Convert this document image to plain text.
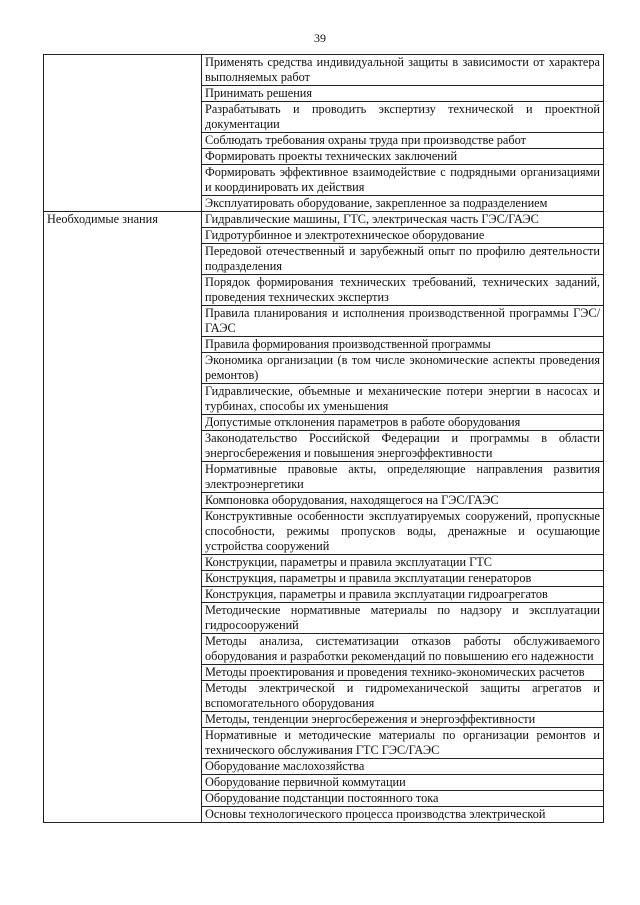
39
	Применять средства индивидуальной защиты в зависимости от характера выполняемых работ
	Принимать решения
	Разрабатывать и проводить экспертизу технической и проектной документации
	Соблюдать требования охраны труда при производстве работ
	Формировать проекты технических заключений
	Формировать эффективное взаимодействие с подрядными организациями и координировать их действия
	Эксплуатировать оборудование, закрепленное за подразделением
Необходимые знания	Гидравлические машины, ГТС, электрическая часть ГЭС/ГАЭС
	Гидротурбинное и электротехническое оборудование
	Передовой отечественный и зарубежный опыт по профилю деятельности подразделения
	Порядок формирования технических требований, технических заданий, проведения технических экспертиз
	Правила планирования и исполнения производственной программы ГЭС/ГАЭС
	Правила формирования производственной программы
	Экономика организации (в том числе экономические аспекты проведения ремонтов)
	Гидравлические, объемные и механические потери энергии в насосах и турбинах, способы их уменьшения
	Допустимые отклонения параметров в работе оборудования
	Законодательство Российской Федерации и программы в области энергосбережения и повышения энергоэффективности
	Нормативные правовые акты, определяющие направления развития электроэнергетики
	Компоновка оборудования, находящегося на ГЭС/ГАЭС
	Конструктивные особенности эксплуатируемых сооружений, пропускные способности, режимы пропусков воды, дренажные и осушающие устройства сооружений
	Конструкции, параметры и правила эксплуатации ГТС
	Конструкция, параметры и правила эксплуатации генераторов
	Конструкция, параметры и правила эксплуатации гидроагрегатов
	Методические нормативные материалы по надзору и эксплуатации гидросооружений
	Методы анализа, систематизации отказов работы обслуживаемого оборудования и разработки рекомендаций по повышению его надежности
	Методы проектирования и проведения технико-экономических расчетов
	Методы электрической и гидромеханической защиты агрегатов и вспомогательного оборудования
	Методы, тенденции энергосбережения и энергоэффективности
	Нормативные и методические материалы по организации ремонтов и технического обслуживания ГТС ГЭС/ГАЭС
	Оборудование маслохозяйства
	Оборудование первичной коммутации
	Оборудование подстанции постоянного тока
	Основы технологического процесса производства электрической
